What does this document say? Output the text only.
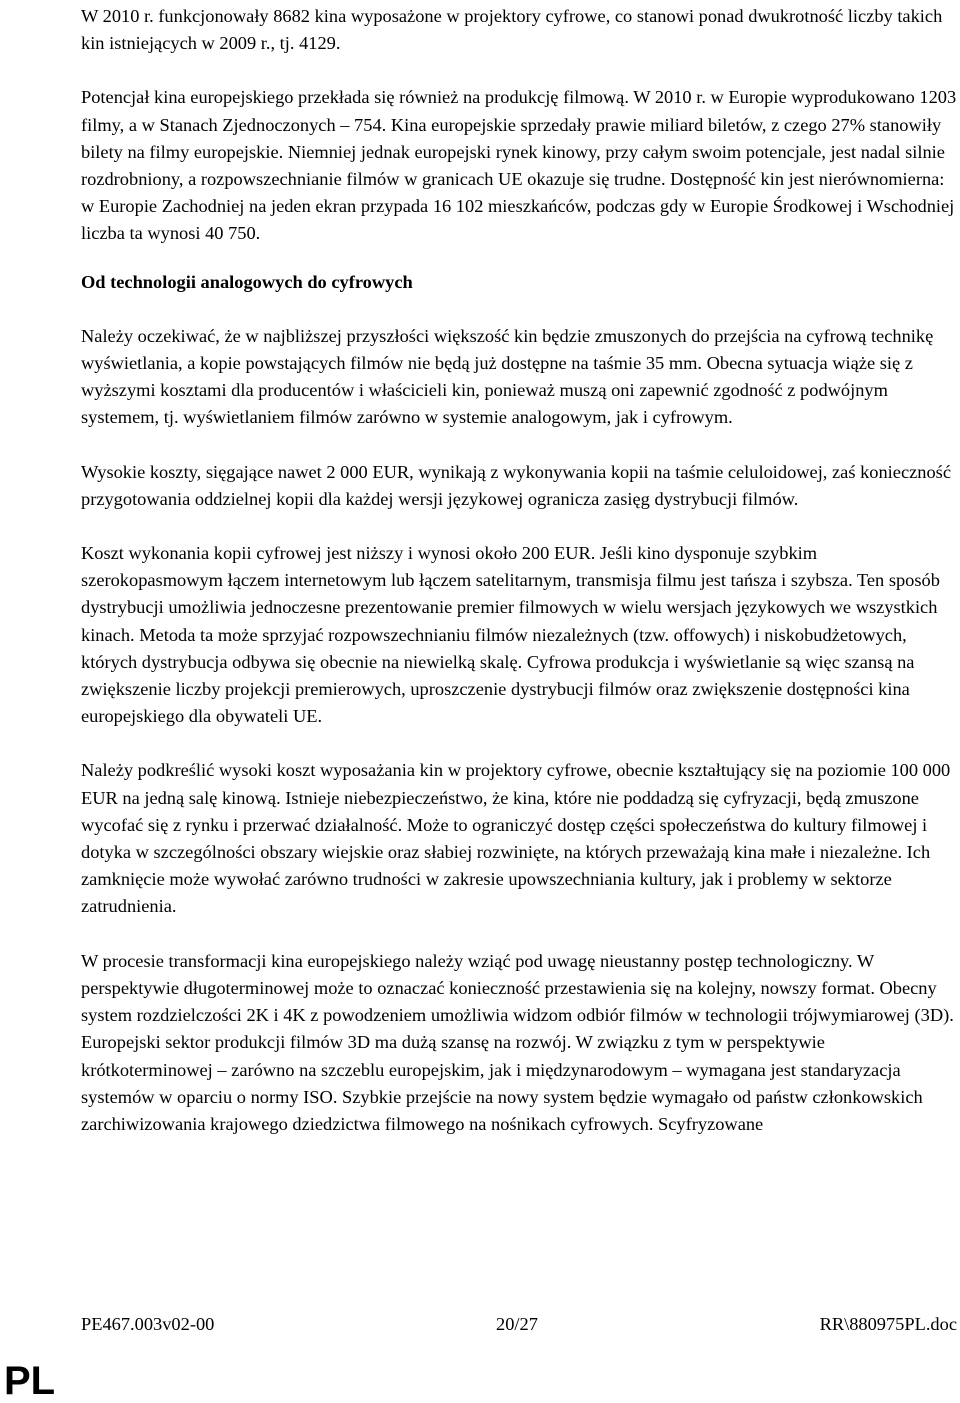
W 2010 r. funkcjonowały 8682 kina wyposażone w projektory cyfrowe, co stanowi ponad dwukrotność liczby takich kin istniejących w 2009 r., tj. 4129.

Potencjał kina europejskiego przekłada się również na produkcję filmową. W 2010 r. w Europie wyprodukowano 1203 filmy, a w Stanach Zjednoczonych – 754. Kina europejskie sprzedały prawie miliard biletów, z czego 27% stanowiły bilety na filmy europejskie. Niemniej jednak europejski rynek kinowy, przy całym swoim potencjale, jest nadal silnie rozdrobniony, a rozpowszechnianie filmów w granicach UE okazuje się trudne. Dostępność kin jest nierównomierna: w Europie Zachodniej na jeden ekran przypada 16 102 mieszkańców, podczas gdy w Europie Środkowej i Wschodniej liczba ta wynosi 40 750.

Od technologii analogowych do cyfrowych

Należy oczekiwać, że w najbliższej przyszłości większość kin będzie zmuszonych do przejścia na cyfrową technikę wyświetlania, a kopie powstających filmów nie będą już dostępne na taśmie 35 mm. Obecna sytuacja wiąże się z wyższymi kosztami dla producentów i właścicieli kin, ponieważ muszą oni zapewnić zgodność z podwójnym systemem, tj. wyświetlaniem filmów zarówno w systemie analogowym, jak i cyfrowym.

Wysokie koszty, sięgające nawet 2 000 EUR, wynikają z wykonywania kopii na taśmie celuloidowej, zaś konieczność przygotowania oddzielnej kopii dla każdej wersji językowej ogranicza zasięg dystrybucji filmów.

Koszt wykonania kopii cyfrowej jest niższy i wynosi około 200 EUR. Jeśli kino dysponuje szybkim szerokopasmowym łączem internetowym lub łączem satelitarnym, transmisja filmu jest tańsza i szybsza. Ten sposób dystrybucji umożliwia jednoczesne prezentowanie premier filmowych w wielu wersjach językowych we wszystkich kinach. Metoda ta może sprzyjać rozpowszechnianiu filmów niezależnych (tzw. offowych) i niskobudżetowych, których dystrybucja odbywa się obecnie na niewielką skalę. Cyfrowa produkcja i wyświetlanie są więc szansą na zwiększenie liczby projekcji premierowych, uproszczenie dystrybucji filmów oraz zwiększenie dostępności kina europejskiego dla obywateli UE.

Należy podkreślić wysoki koszt wyposażania kin w projektory cyfrowe, obecnie kształtujący się na poziomie 100 000 EUR na jedną salę kinową. Istnieje niebezpieczeństwo, że kina, które nie poddadzą się cyfryzacji, będą zmuszone wycofać się z rynku i przerwać działalność. Może to ograniczyć dostęp części społeczeństwa do kultury filmowej i dotyka w szczególności obszary wiejskie oraz słabiej rozwinięte, na których przeważają kina małe i niezależne. Ich zamknięcie może wywołać zarówno trudności w zakresie upowszechniania kultury, jak i problemy w sektorze zatrudnienia.

W procesie transformacji kina europejskiego należy wziąć pod uwagę nieustanny postęp technologiczny. W perspektywie długoterminowej może to oznaczać konieczność przestawienia się na kolejny, nowszy format. Obecny system rozdzielczości 2K i 4K z powodzeniem umożliwia widzom odbiór filmów w technologii trójwymiarowej (3D). Europejski sektor produkcji filmów 3D ma dużą szansę na rozwój. W związku z tym w perspektywie krótkoterminowej – zarówno na szczeblu europejskim, jak i międzynarodowym – wymagana jest standaryzacja systemów w oparciu o normy ISO. Szybkie przejście na nowy system będzie wymagało od państw członkowskich zarchiwizowania krajowego dziedzictwa filmowego na nośnikach cyfrowych. Scyfryzowane

PE467.003v02-00	20/27	RR\880975PL.doc
PL
